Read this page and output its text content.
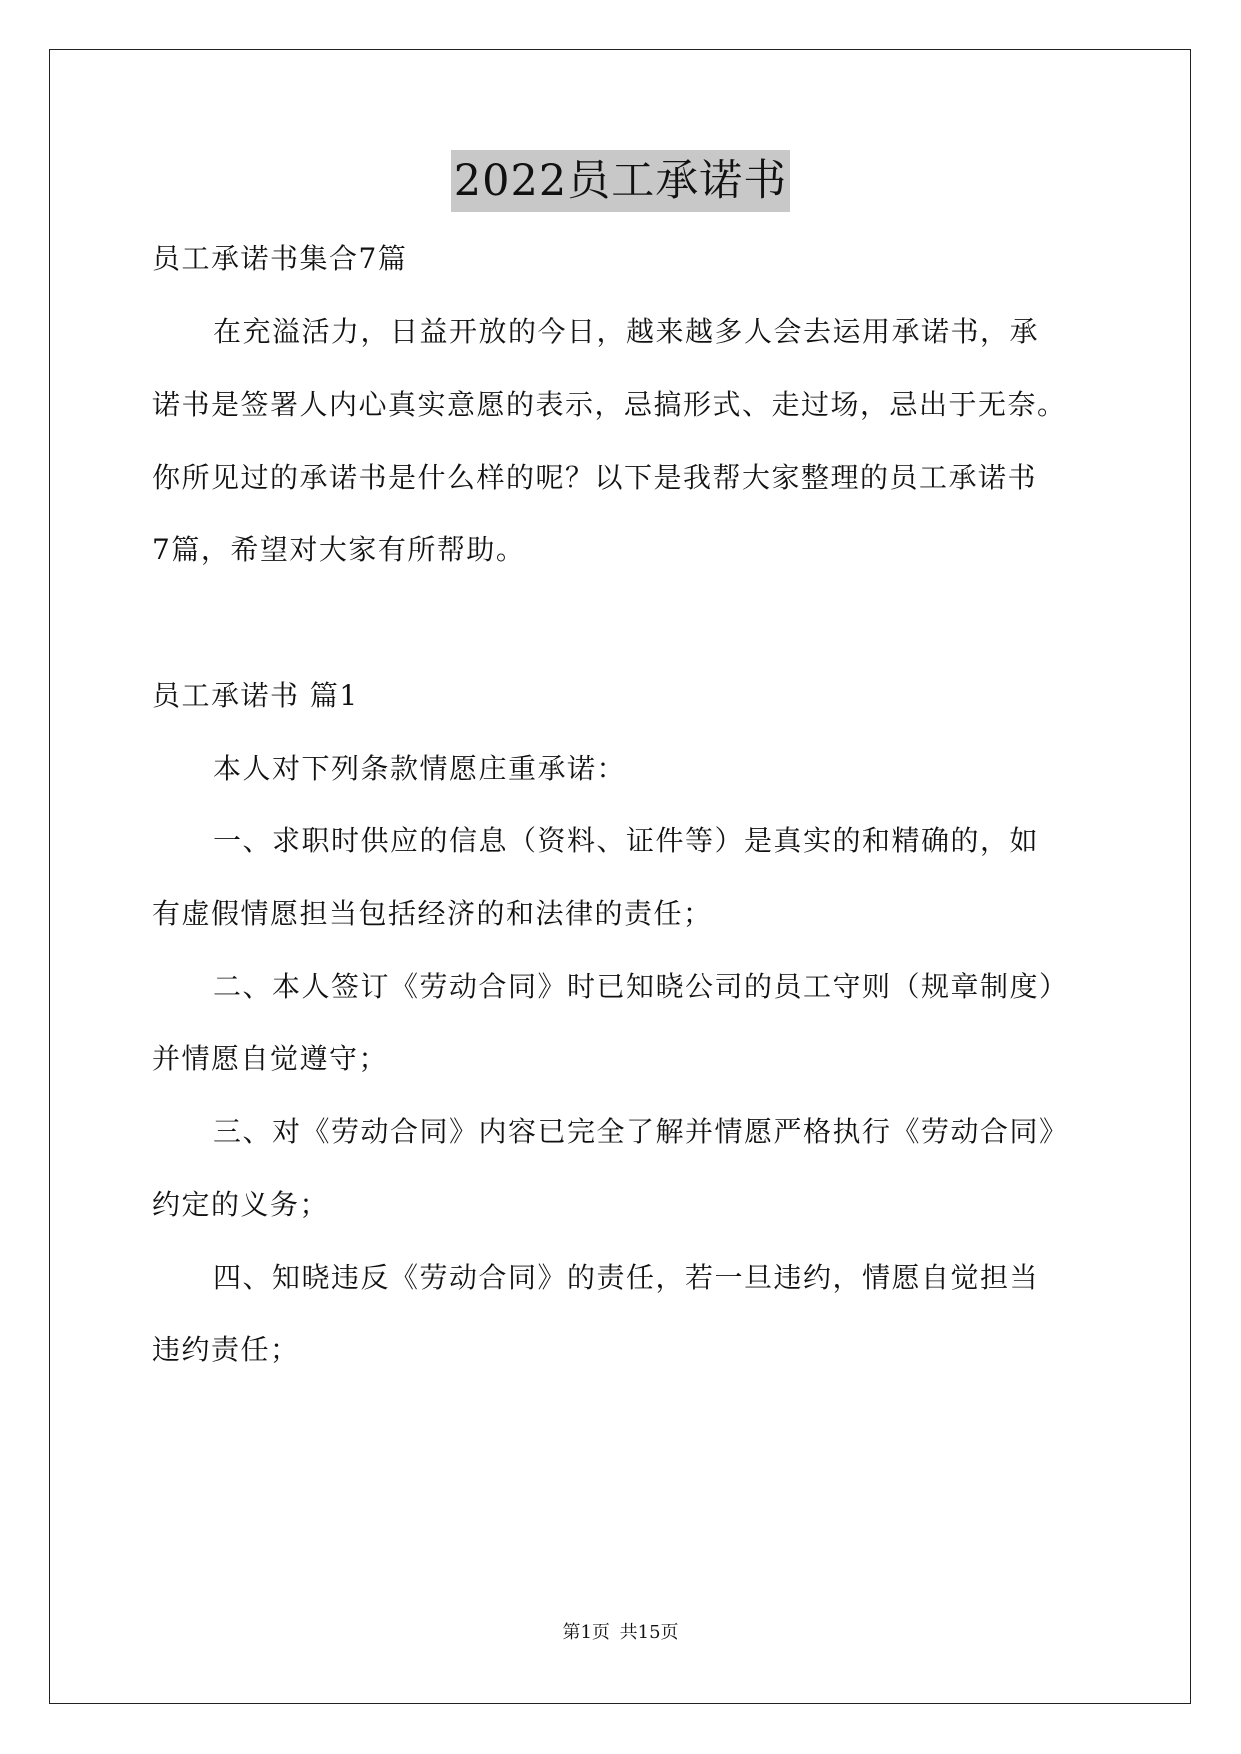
2022员工承诺书
员工承诺书集合7篇
在充溢活力，日益开放的今日，越来越多人会去运用承诺书，承
诺书是签署人内心真实意愿的表示，忌搞形式、走过场，忌出于无奈。
你所见过的承诺书是什么样的呢？以下是我帮大家整理的员工承诺书
7篇，希望对大家有所帮助。
员工承诺书 篇1
本人对下列条款情愿庄重承诺：
一、求职时供应的信息（资料、证件等）是真实的和精确的，如
有虚假情愿担当包括经济的和法律的责任；
二、本人签订《劳动合同》时已知晓公司的员工守则（规章制度）
并情愿自觉遵守；
三、对《劳动合同》内容已完全了解并情愿严格执行《劳动合同》
约定的义务；
四、知晓违反《劳动合同》的责任，若一旦违约，情愿自觉担当
违约责任；
第1页 共15页
